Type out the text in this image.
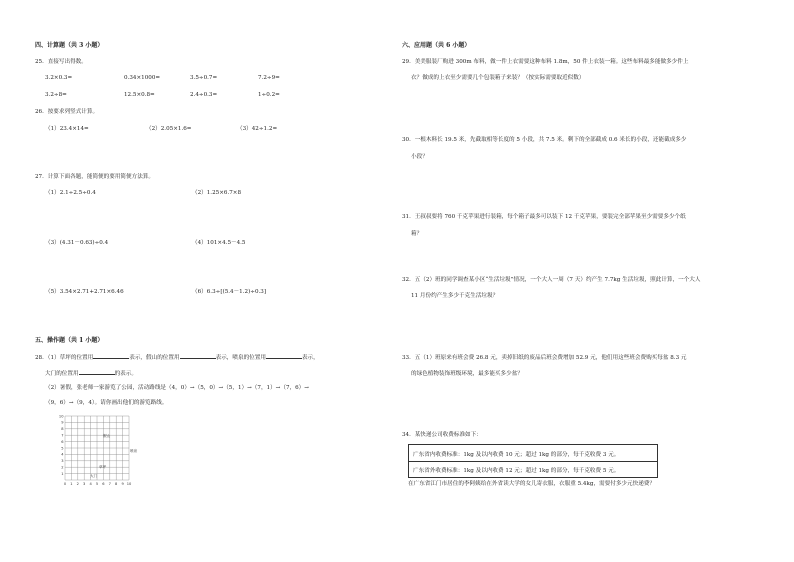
四、计算题（共 3 小题）
25．直接写出得数。
3.2×0.3=	0.34×1000=	3.5÷0.7=	7.2÷9=
3.2÷8=	12.5×0.8=	2.4÷0.3=	1÷0.2=
26．按要求列竖式计算。
（1）23.4×14=	（2）2.05×1.6=	（3）42÷1.2=
27．计算下面各题，能简便的要用简便方法算。
（1）2.1÷2.5÷0.4	（2）1.25×6.7×8
（3）(4.31－0.63)÷0.4	（4）101×4.5－4.5
（5）3.54×2.71+2.71×6.46	（6）6.3÷[(5.4－1.2)÷0.3]
五、操作题（共 1 小题）
28．（1）草坪的位置用	表示，假山的位置用	表示，喷泉的位置用	表示，
大门的位置用	的表示。
（2）暑假，张老师一家游览了公园，活动路线是（4，0）→（5，0）→（5，1）→（7，1）→（7，6）→
（9，6）→（9，4）。请你画出他们的游览路线。
0 1 2 3 4 5 6 7 8 9 10
1
2
3
4
5
6
7
8
9
10
假山
喷泉
草坪
大门
六、应用题（共 6 小题）
29．美美服装厂购进 300m 布料，做一件上衣需要这种布料 1.8m，50 件上衣装一箱。这些布料最多能做多少件上
衣？做成的上衣至少需要几个包装箱子来装？（按实际需要取近似数）
30．一根木料长 19.5 米，先截取相等长度的 5 小段，共 7.5 米。剩下的全部截成 0.6 米长的小段，还能截成多少
小段？
31．王叔叔要将 760 千克苹果进行装箱，每个箱子最多可以装下 12 千克苹果，要装完全部苹果至少需要多少个纸
箱？
32．五（2）班的同学调查某小区“生活垃圾”情况，一个大人一周（7 天）约产生 7.7kg 生活垃圾，照此计算，一个大人
11 月份约产生多少千克生活垃圾？
33．五（1）班原来有班会费 26.8 元，卖掉旧纸的废品后班会费增加 52.9 元，他们用这些班会费购买每盆 8.3 元
的绿色植物装饰班级环境，最多能买多少盆？
34．某快递公司收费标准如下：
广东省内收费标准：1kg 及以内收费 10 元；超过 1kg 的部分，每千克收费 3 元。
广东省外收费标准：1kg 及以内收费 12 元；超过 1kg 的部分，每千克收费 5 元。
在广东省江门市居住的李阿姨给在外省读大学的女儿寄衣服，衣服重 5.4kg，需要付多少元快递费？
